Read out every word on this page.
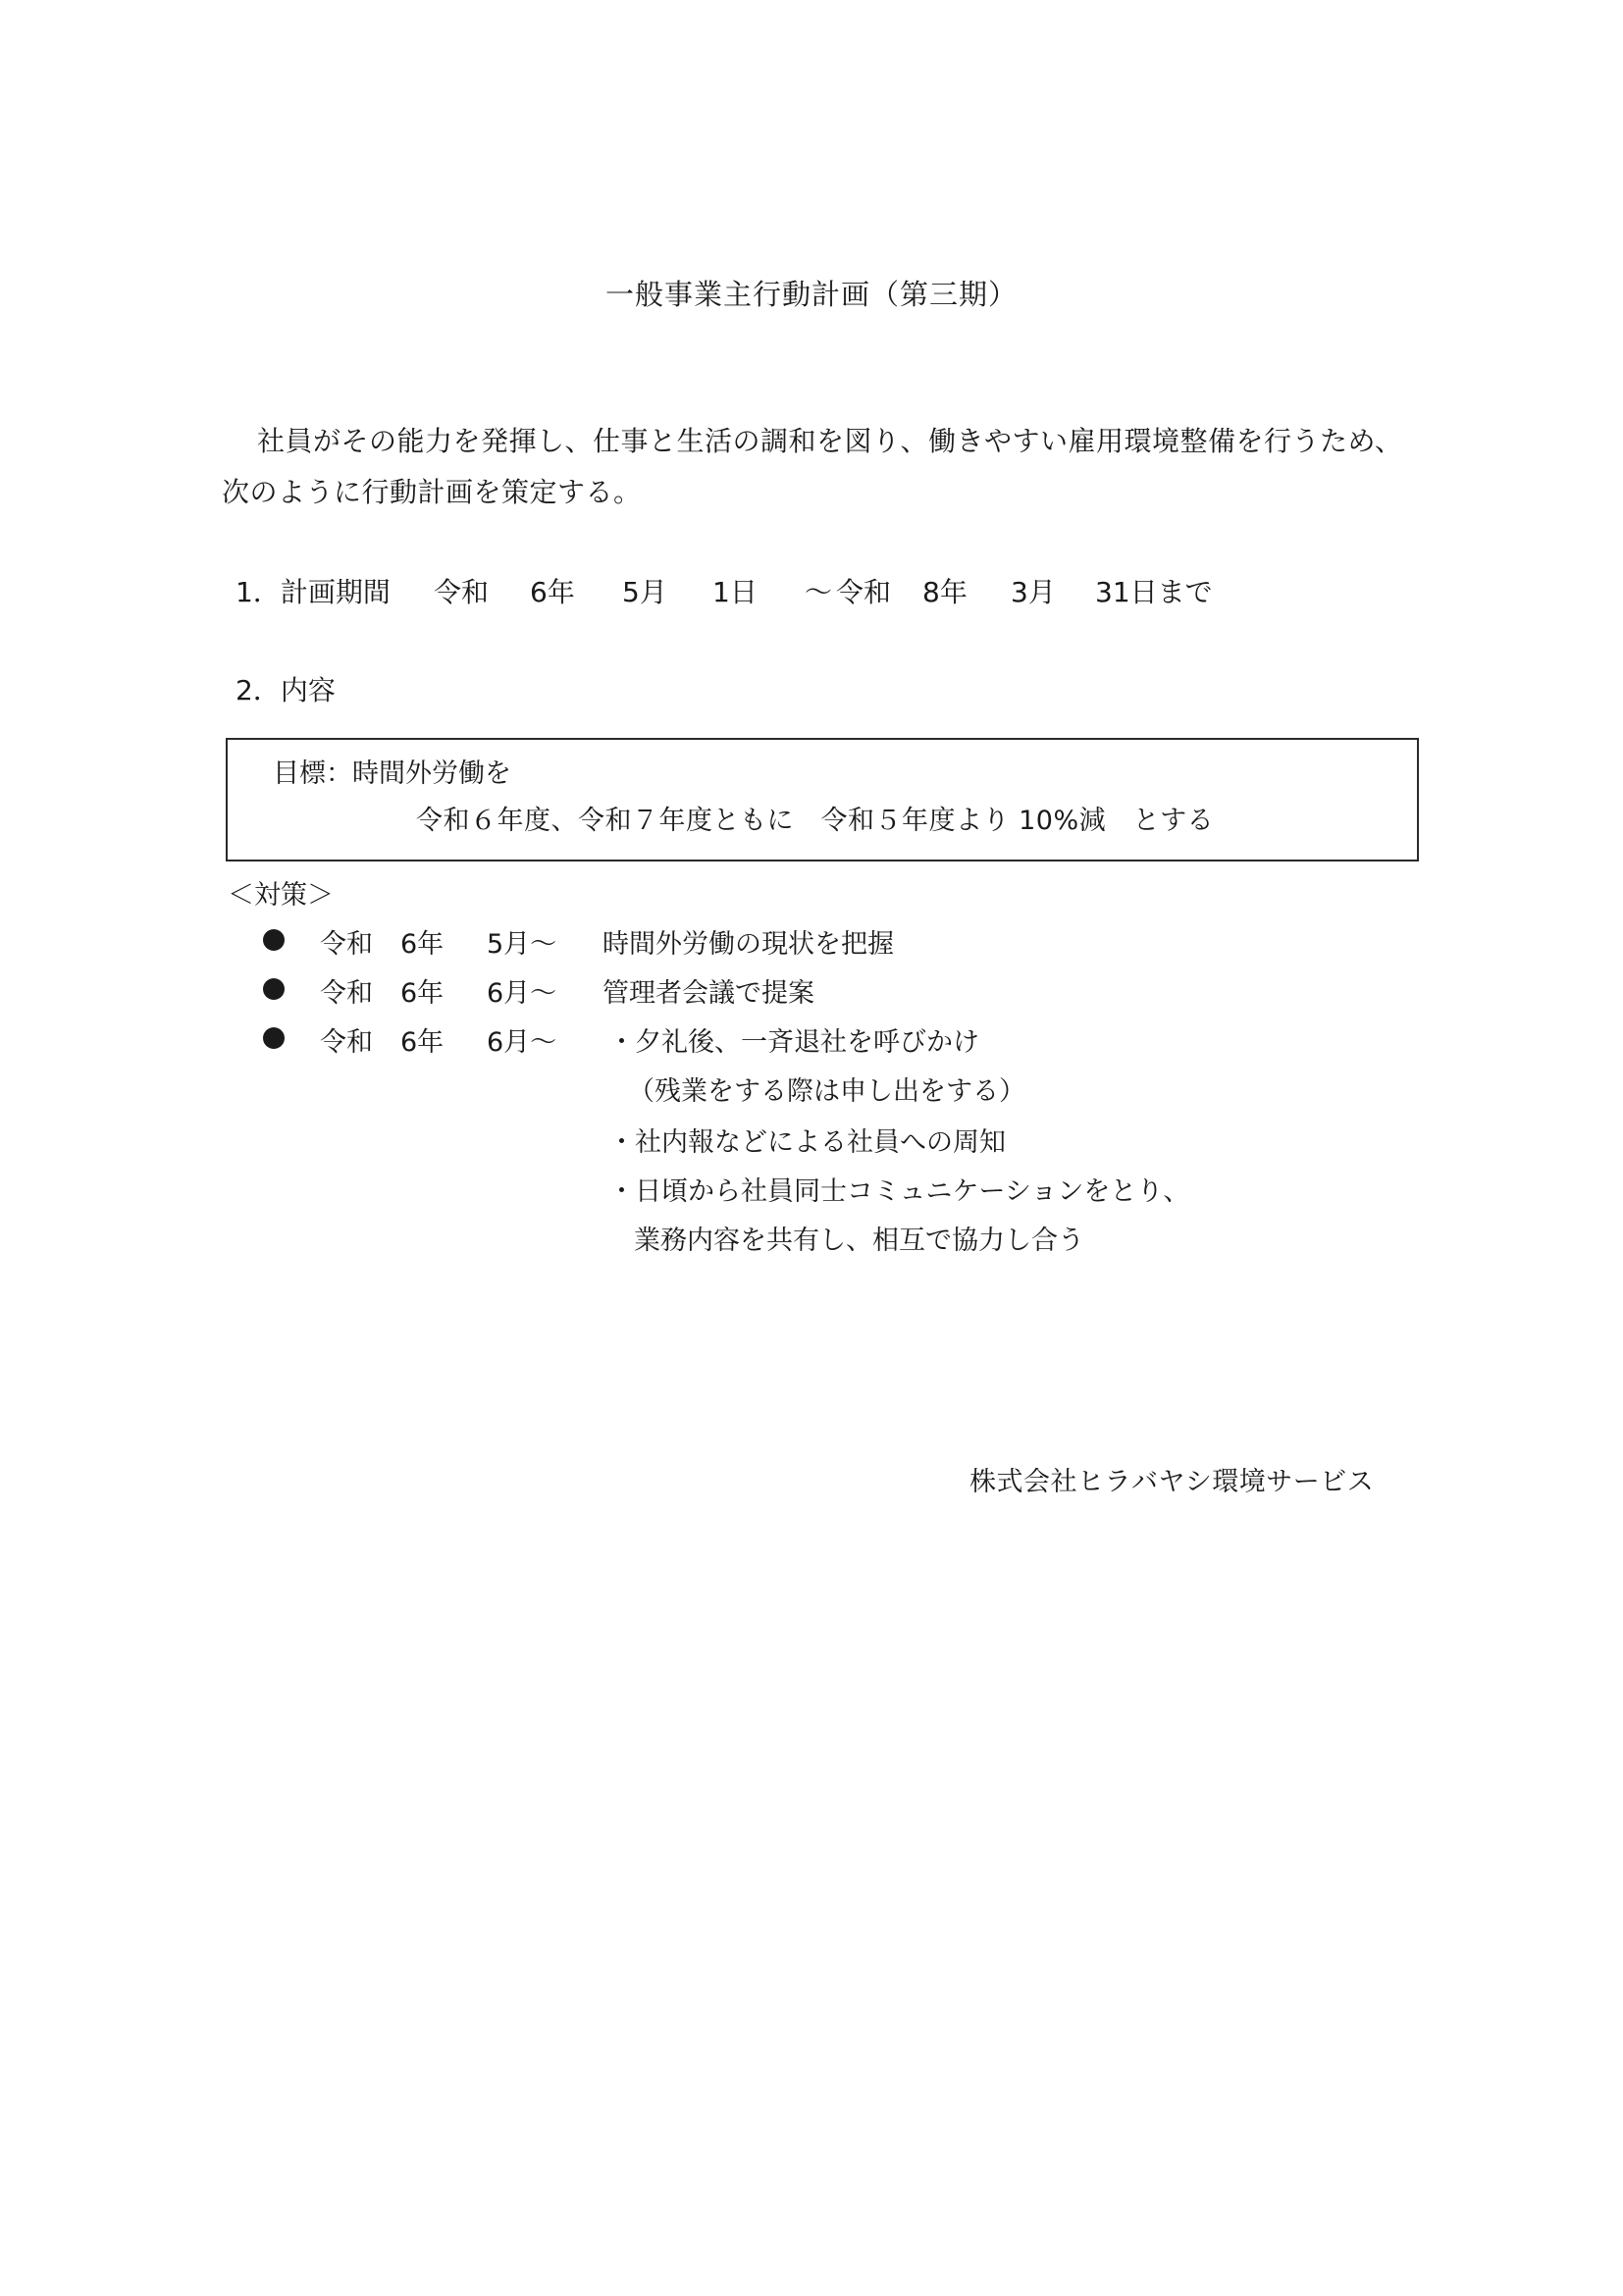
一般事業主行動計画（第三期）
社員がその能力を発揮し、仕事と生活の調和を図り、働きやすい雇用環境整備を行うため、
次のように行動計画を策定する。
1．計画期間 令和 6年 5月 1日 ～ 令和 8年 3月 31日まで
2．内容
目標：時間外労働を
令和６年度、令和７年度ともに　令和５年度より 10%減　とする
＜対策＞
令和 6年 5月～ 時間外労働の現状を把握
令和 6年 6月～ 管理者会議で提案
令和 6年 6月～ ・夕礼後、一斉退社を呼びかけ
（残業をする際は申し出をする）
・社内報などによる社員への周知
・日頃から社員同士コミュニケーションをとり、
業務内容を共有し、相互で協力し合う
株式会社ヒラバヤシ環境サービス
